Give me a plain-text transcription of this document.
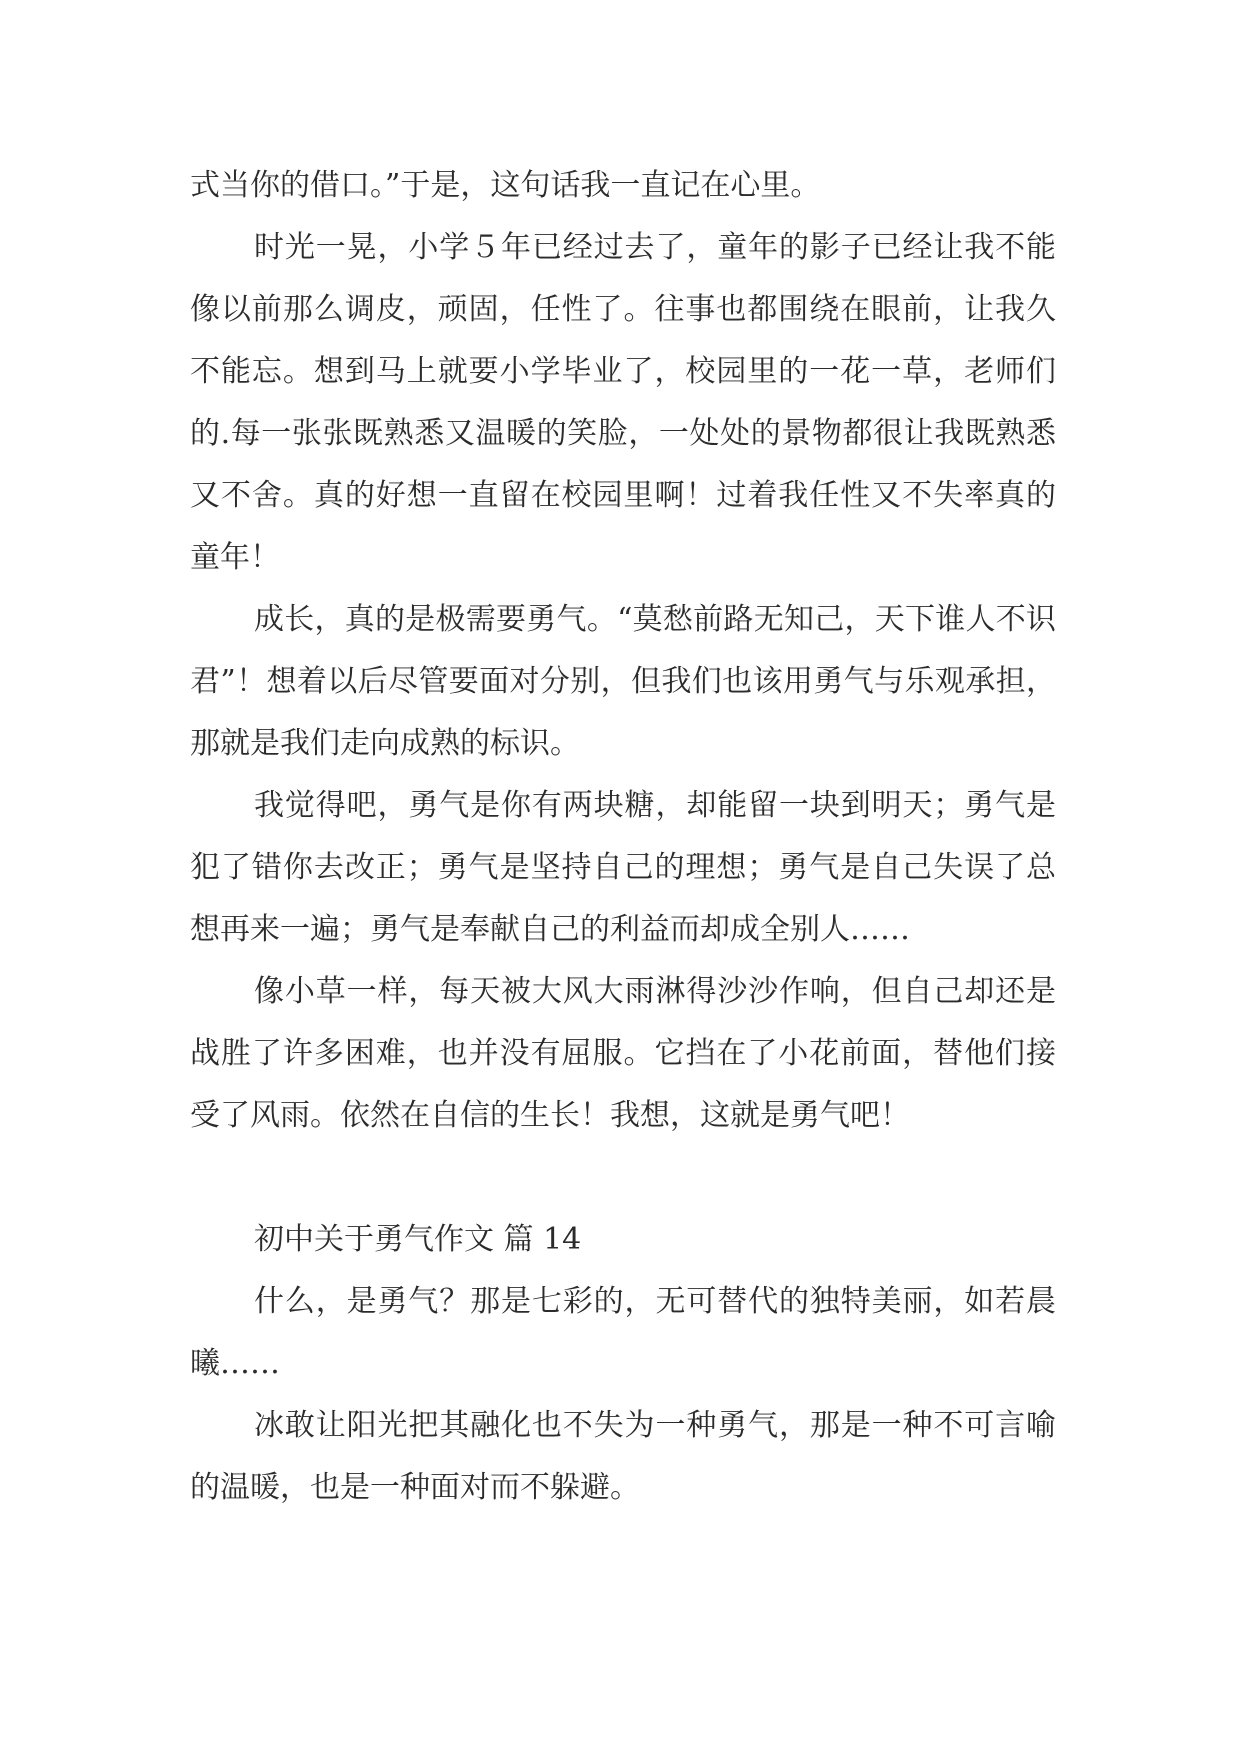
式当你的借口。”于是，这句话我一直记在心里。

时光一晃，小学５年已经过去了，童年的影子已经让我不能像以前那么调皮，顽固，任性了。往事也都围绕在眼前，让我久不能忘。想到马上就要小学毕业了，校园里的一花一草，老师们的.每一张张既熟悉又温暖的笑脸，一处处的景物都很让我既熟悉又不舍。真的好想一直留在校园里啊！过着我任性又不失率真的童年！

成长，真的是极需要勇气。“莫愁前路无知己，天下谁人不识君”！想着以后尽管要面对分别，但我们也该用勇气与乐观承担，那就是我们走向成熟的标识。

我觉得吧，勇气是你有两块糖，却能留一块到明天；勇气是犯了错你去改正；勇气是坚持自己的理想；勇气是自己失误了总想再来一遍；勇气是奉献自己的利益而却成全别人……

像小草一样，每天被大风大雨淋得沙沙作响，但自己却还是战胜了许多困难，也并没有屈服。它挡在了小花前面，替他们接受了风雨。依然在自信的生长！我想，这就是勇气吧！

初中关于勇气作文 篇 14

什么，是勇气？那是七彩的，无可替代的独特美丽，如若晨曦……

冰敢让阳光把其融化也不失为一种勇气，那是一种不可言喻的温暖，也是一种面对而不躲避。
